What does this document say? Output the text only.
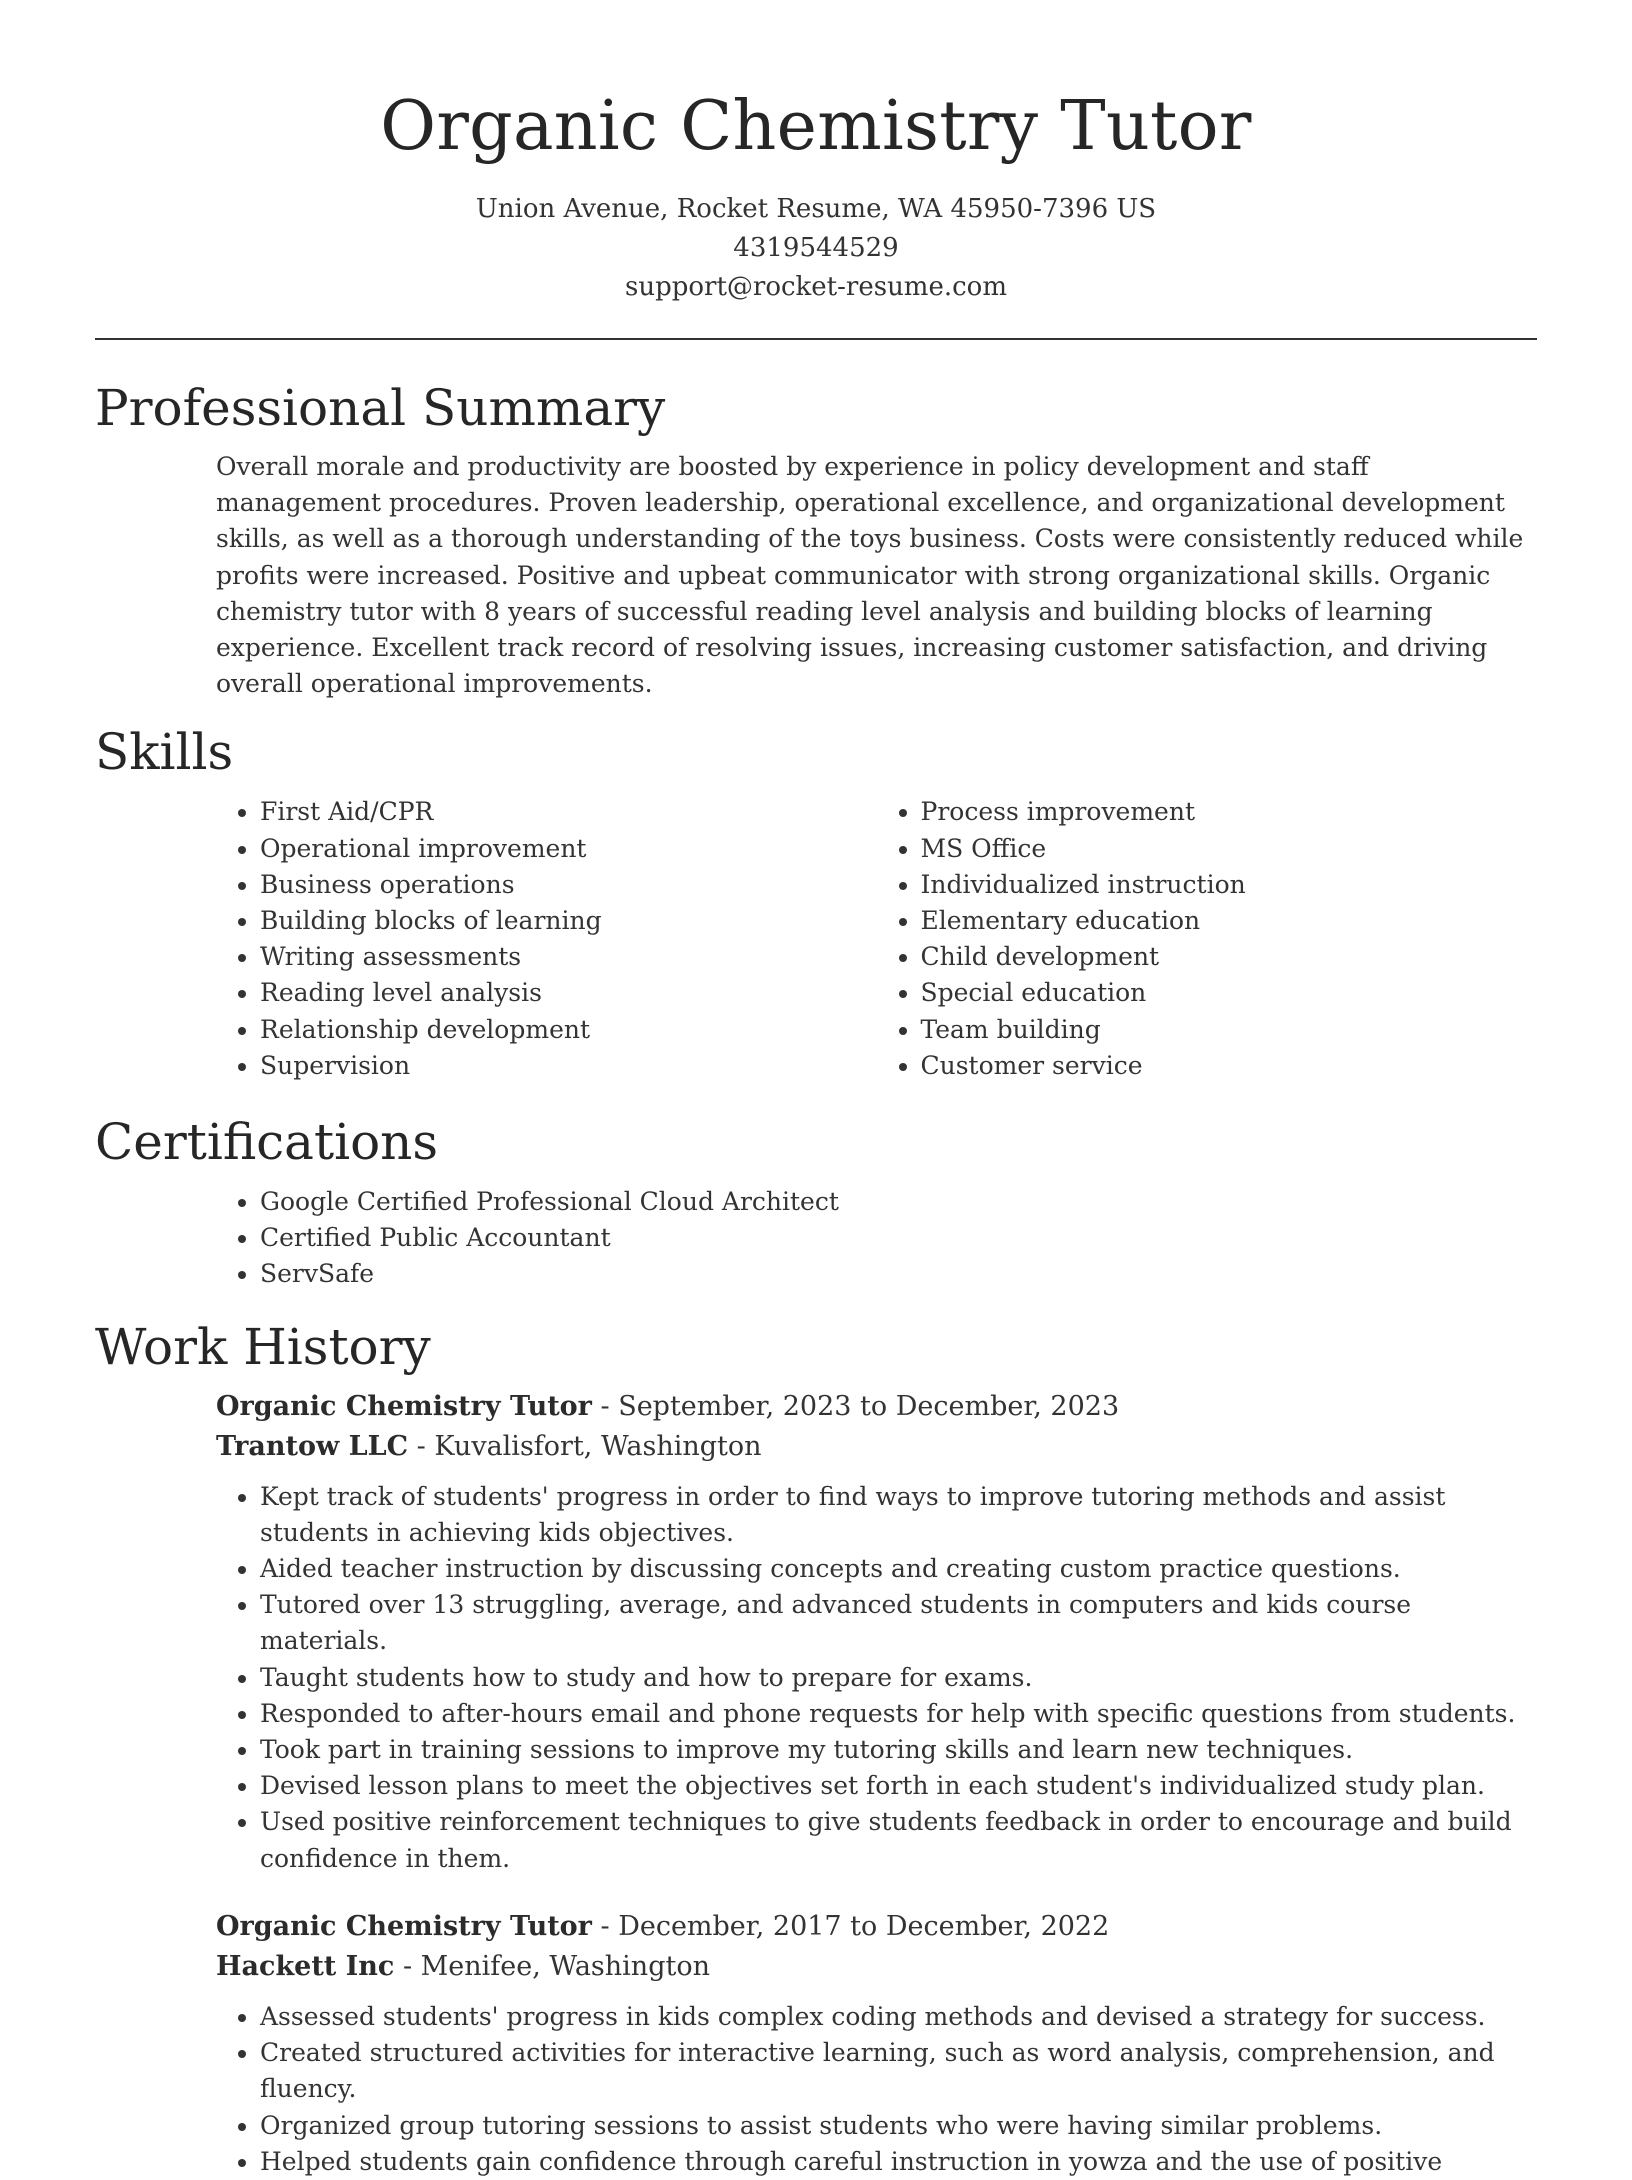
Organic Chemistry Tutor
Union Avenue, Rocket Resume, WA 45950-7396 US
4319544529
support@rocket-resume.com
Professional Summary

Overall morale and productivity are boosted by experience in policy development and staff management procedures. Proven leadership, operational excellence, and organizational development skills, as well as a thorough understanding of the toys business. Costs were consistently reduced while profits were increased. Positive and upbeat communicator with strong organizational skills. Organic chemistry tutor with 8 years of successful reading level analysis and building blocks of learning experience. Excellent track record of resolving issues, increasing customer satisfaction, and driving overall operational improvements.

Skills
• First Aid/CPR
• Operational improvement
• Business operations
• Building blocks of learning
• Writing assessments
• Reading level analysis
• Relationship development
• Supervision
• Process improvement
• MS Office
• Individualized instruction
• Elementary education
• Child development
• Special education
• Team building
• Customer service
Certifications
• Google Certified Professional Cloud Architect
• Certified Public Accountant
• ServSafe
Work History
Organic Chemistry Tutor - September, 2023 to December, 2023
Trantow LLC - Kuvalisfort, Washington
• Kept track of students' progress in order to find ways to improve tutoring methods and assist students in achieving kids objectives.
• Aided teacher instruction by discussing concepts and creating custom practice questions.
• Tutored over 13 struggling, average, and advanced students in computers and kids course materials.
• Taught students how to study and how to prepare for exams.
• Responded to after-hours email and phone requests for help with specific questions from students.
• Took part in training sessions to improve my tutoring skills and learn new techniques.
• Devised lesson plans to meet the objectives set forth in each student's individualized study plan.
• Used positive reinforcement techniques to give students feedback in order to encourage and build confidence in them.
Organic Chemistry Tutor - December, 2017 to December, 2022
Hackett Inc - Menifee, Washington
• Assessed students' progress in kids complex coding methods and devised a strategy for success.
• Created structured activities for interactive learning, such as word analysis, comprehension, and fluency.
• Organized group tutoring sessions to assist students who were having similar problems.
• Helped students gain confidence through careful instruction in yowza and the use of positive
